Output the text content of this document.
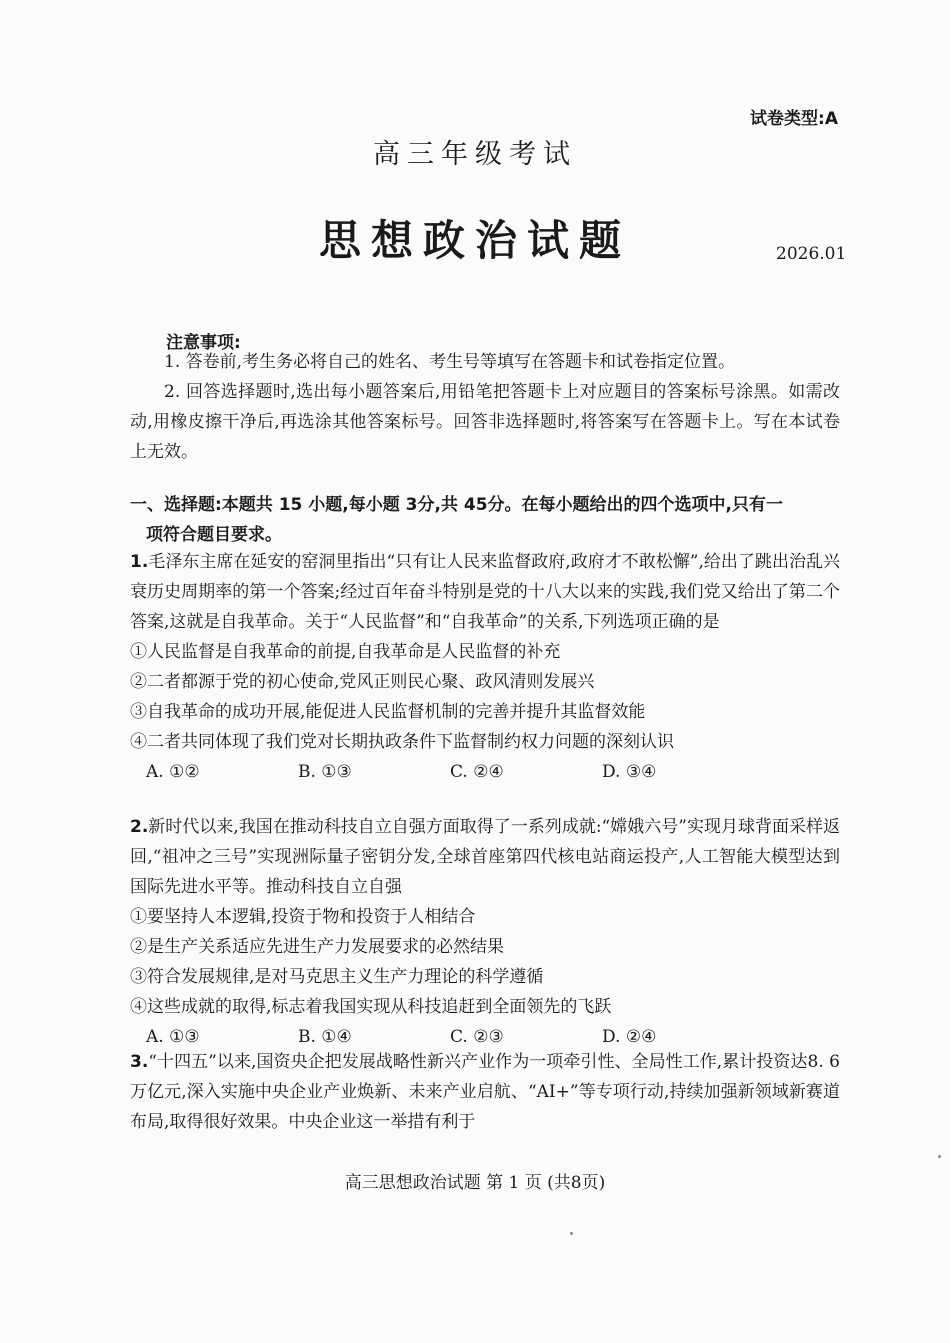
试卷类型:A
高三年级考试
思想政治试题	2026.01
注意事项:
1. 答卷前,考生务必将自己的姓名、考生号等填写在答题卡和试卷指定位置。
2. 回答选择题时,选出每小题答案后,用铅笔把答题卡上对应题目的答案标号涂黑。如需改动,用橡皮擦干净后,再选涂其他答案标号。回答非选择题时,将答案写在答题卡上。写在本试卷上无效。
一、选择题:本题共 15 小题,每小题 3分,共 45分。在每小题给出的四个选项中,只有一
项符合题目要求。
1.毛泽东主席在延安的窑洞里指出“只有让人民来监督政府,政府才不敢松懈”,给出了跳出治乱兴衰历史周期率的第一个答案;经过百年奋斗特别是党的十八大以来的实践,我们党又给出了第二个答案,这就是自我革命。关于“人民监督”和“自我革命”的关系,下列选项正确的是
①人民监督是自我革命的前提,自我革命是人民监督的补充
②二者都源于党的初心使命,党风正则民心聚、政风清则发展兴
③自我革命的成功开展,能促进人民监督机制的完善并提升其监督效能
④二者共同体现了我们党对长期执政条件下监督制约权力问题的深刻认识
A. ①②	B. ①③	C. ②④	D. ③④
2.新时代以来,我国在推动科技自立自强方面取得了一系列成就:“嫦娥六号”实现月球背面采样返回,“祖冲之三号”实现洲际量子密钥分发,全球首座第四代核电站商运投产,人工智能大模型达到国际先进水平等。推动科技自立自强
①要坚持人本逻辑,投资于物和投资于人相结合
②是生产关系适应先进生产力发展要求的必然结果
③符合发展规律,是对马克思主义生产力理论的科学遵循
④这些成就的取得,标志着我国实现从科技追赶到全面领先的飞跃
A. ①③	B. ①④	C. ②③	D. ②④
3.“十四五”以来,国资央企把发展战略性新兴产业作为一项牵引性、全局性工作,累计投资达8. 6万亿元,深入实施中央企业产业焕新、未来产业启航、“AI+”等专项行动,持续加强新领域新赛道布局,取得很好效果。中央企业这一举措有利于
高三思想政治试题 第 1 页 (共8页)
